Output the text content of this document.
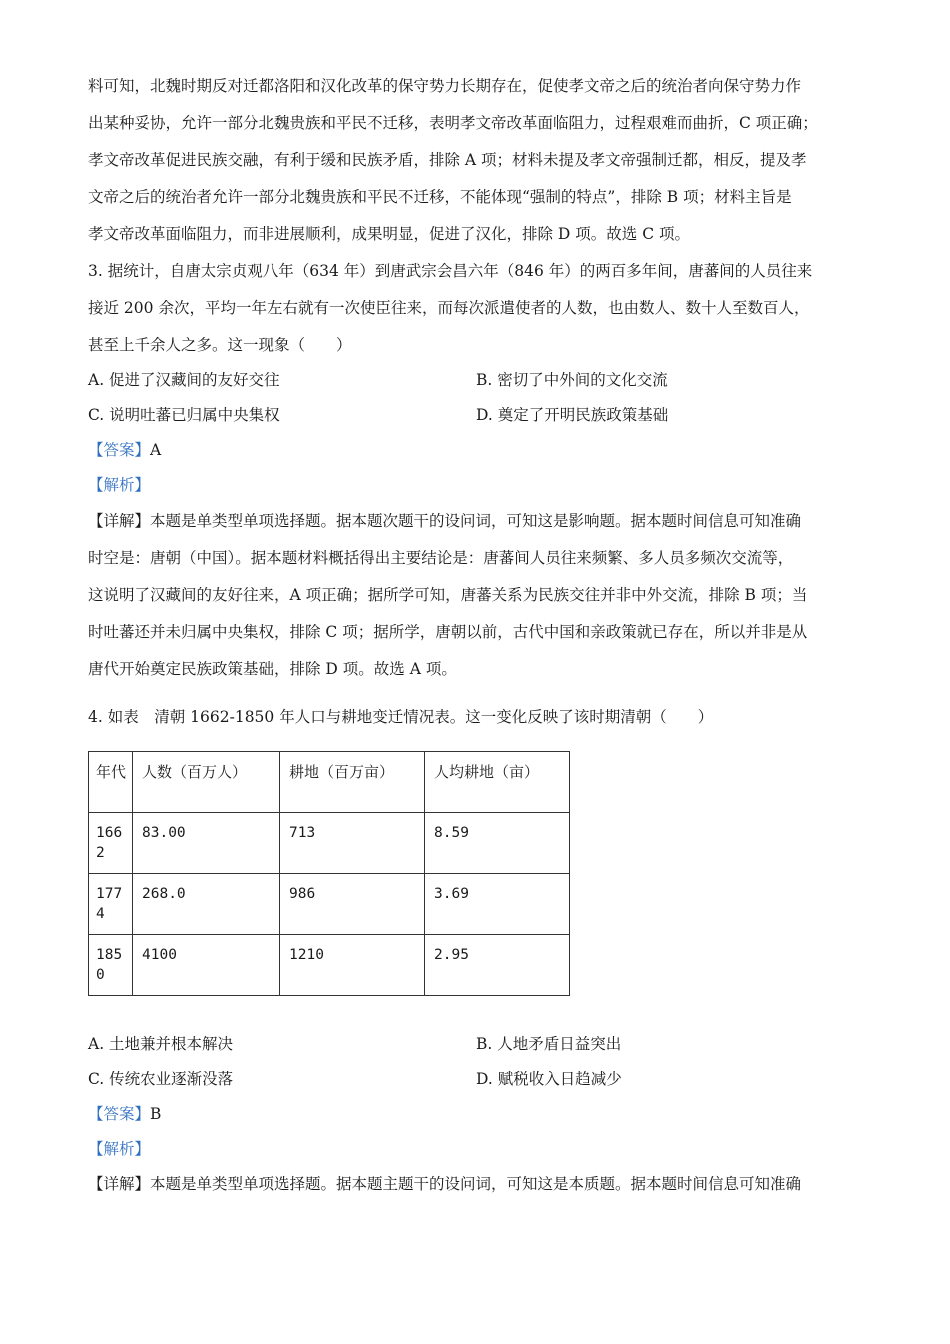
料可知，北魏时期反对迁都洛阳和汉化改革的保守势力长期存在，促使孝文帝之后的统治者向保守势力作
出某种妥协，允许一部分北魏贵族和平民不迁移，表明孝文帝改革面临阻力，过程艰难而曲折，C 项正确；
孝文帝改革促进民族交融，有利于缓和民族矛盾，排除 A 项；材料未提及孝文帝强制迁都，相反，提及孝
文帝之后的统治者允许一部分北魏贵族和平民不迁移，不能体现“强制的特点”，排除 B 项；材料主旨是
孝文帝改革面临阻力，而非进展顺利，成果明显，促进了汉化，排除 D 项。故选 C 项。
3. 据统计，自唐太宗贞观八年（634 年）到唐武宗会昌六年（846 年）的两百多年间，唐蕃间的人员往来
接近 200 余次，平均一年左右就有一次使臣往来，而每次派遣使者的人数，也由数人、数十人至数百人，
甚至上千余人之多。这一现象（　　）
A. 促进了汉藏间的友好交往	B. 密切了中外间的文化交流
C. 说明吐蕃已归属中央集权	D. 奠定了开明民族政策基础
【答案】A
【解析】
【详解】本题是单类型单项选择题。据本题次题干的设问词，可知这是影响题。据本题时间信息可知准确
时空是：唐朝（中国）。据本题材料概括得出主要结论是：唐蕃间人员往来频繁、多人员多频次交流等，
这说明了汉藏间的友好往来，A 项正确；据所学可知，唐蕃关系为民族交往并非中外交流，排除 B 项；当
时吐蕃还并未归属中央集权，排除 C 项；据所学，唐朝以前，古代中国和亲政策就已存在，所以并非是从
唐代开始奠定民族政策基础，排除 D 项。故选 A 项。
4. 如表　清朝 1662-1850 年人口与耕地变迁情况表。这一变化反映了该时期清朝（　　）
年代	人数（百万人）	耕地（百万亩）	人均耕地（亩）
1662	83.00	713	8.59
1774	268.0	986	3.69
1850	4100	1210	2.95
A. 土地兼并根本解决	B. 人地矛盾日益突出
C. 传统农业逐渐没落	D. 赋税收入日趋减少
【答案】B
【解析】
【详解】本题是单类型单项选择题。据本题主题干的设问词，可知这是本质题。据本题时间信息可知准确
